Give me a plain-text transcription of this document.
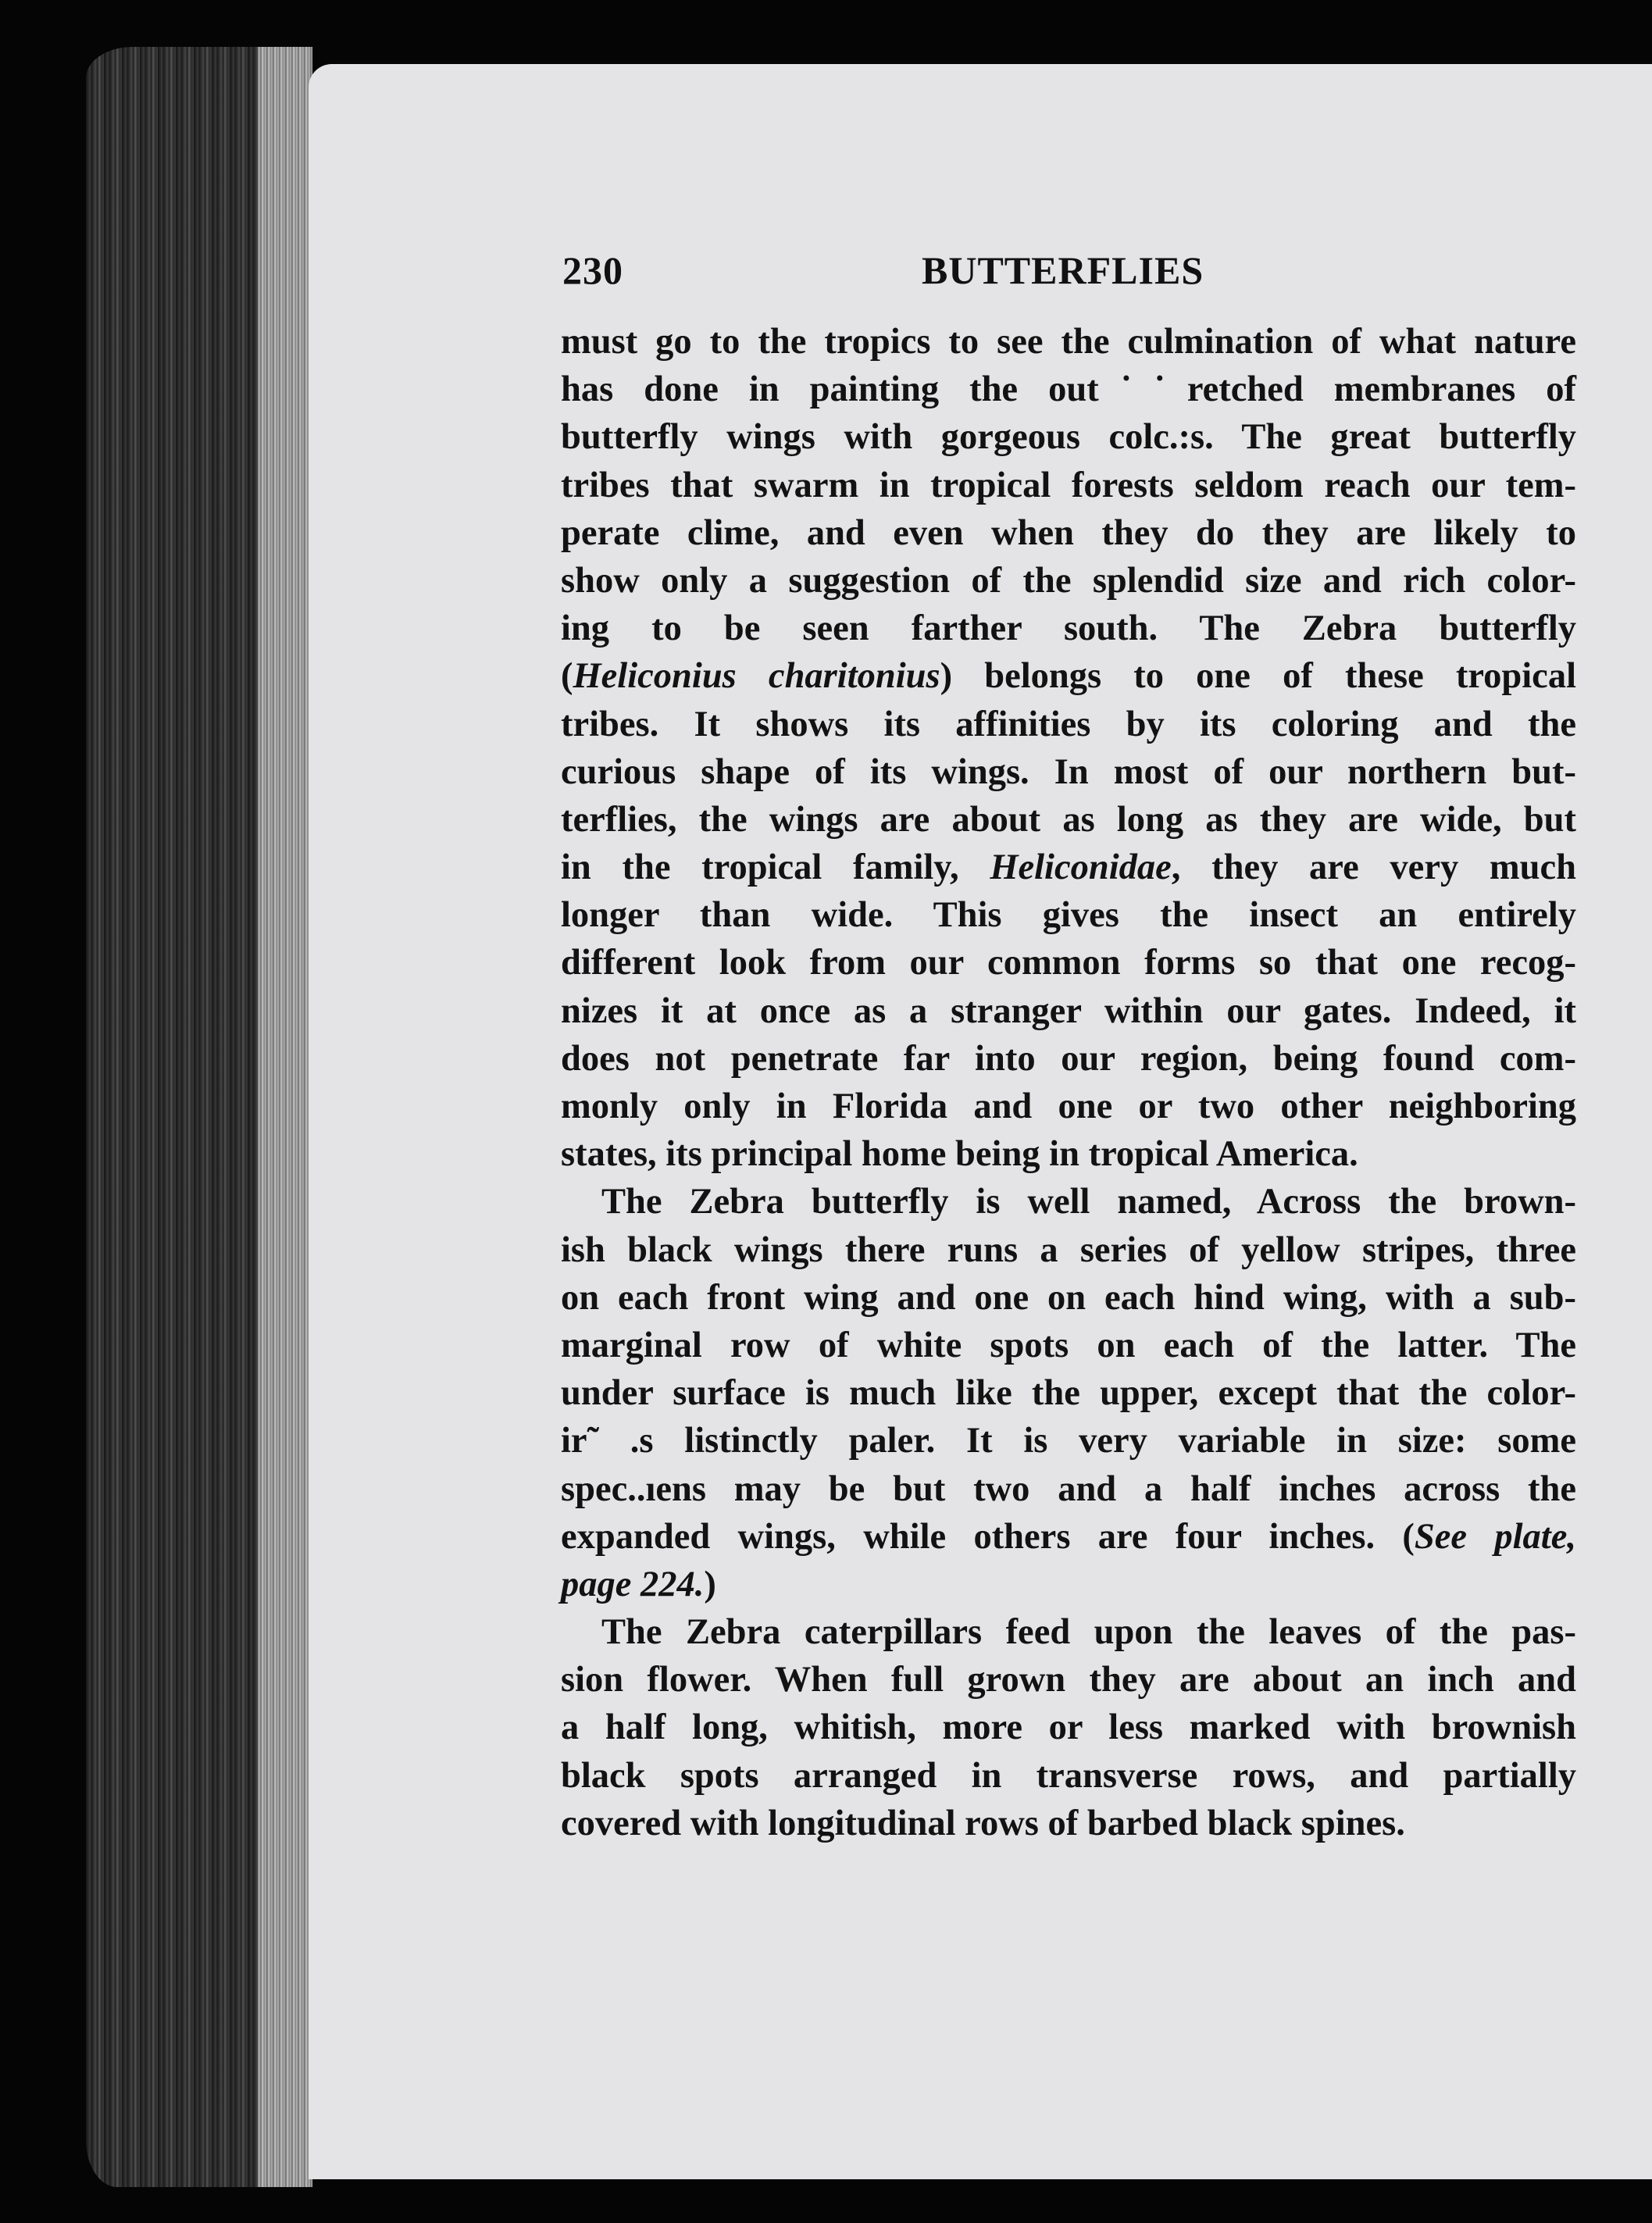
230	BUTTERFLIES
must go to the tropics to see the culmination of what nature
has done in painting the out˙˙retched membranes of
butterfly wings with gorgeous colc.:s. The great butterfly
tribes that swarm in tropical forests seldom reach our tem-
perate clime, and even when they do they are likely to
show only a suggestion of the splendid size and rich color-
ing to be seen farther south. The Zebra butterfly
(Heliconius charitonius) belongs to one of these tropical
tribes. It shows its affinities by its coloring and the
curious shape of its wings. In most of our northern but-
terflies, the wings are about as long as they are wide, but
in the tropical family, Heliconidae, they are very much
longer than wide. This gives the insect an entirely
different look from our common forms so that one recog-
nizes it at once as a stranger within our gates. Indeed, it
does not penetrate far into our region, being found com-
monly only in Florida and one or two other neighboring
states, its principal home being in tropical America.
The Zebra butterfly is well named, Across the brown-
ish black wings there runs a series of yellow stripes, three
on each front wing and one on each hind wing, with a sub-
marginal row of white spots on each of the latter. The
under surface is much like the upper, except that the color-
ir˜ .s listinctly paler. It is very variable in size: some
spec..ıens may be but two and a half inches across the
expanded wings, while others are four inches. (See plate,
page 224.)
The Zebra caterpillars feed upon the leaves of the pas-
sion flower. When full grown they are about an inch and
a half long, whitish, more or less marked with brownish
black spots arranged in transverse rows, and partially
covered with longitudinal rows of barbed black spines.
